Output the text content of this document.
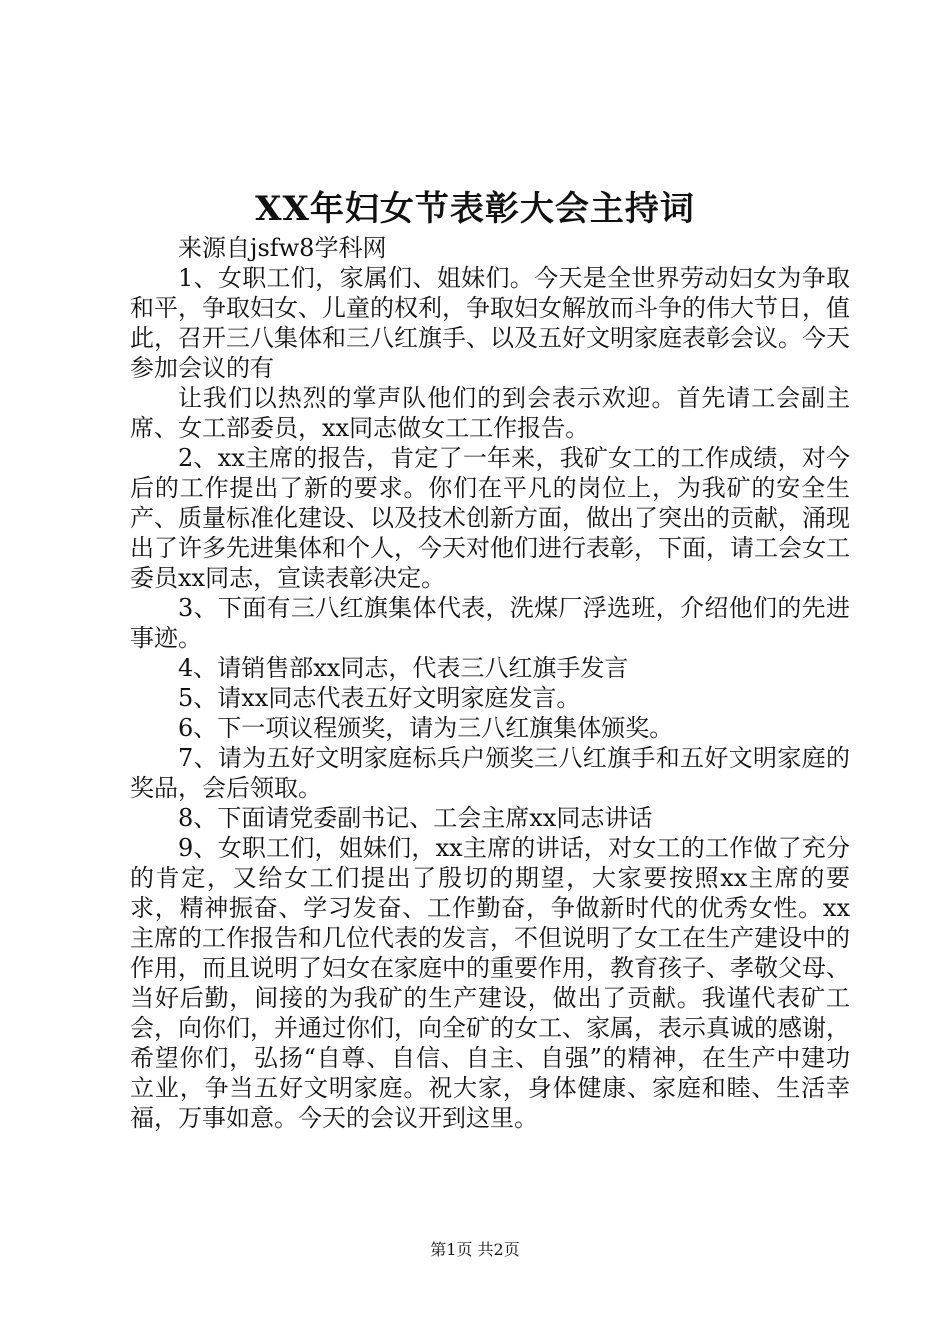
XX年妇女节表彰大会主持词

来源自jsfw8学科网

1、女职工们，家属们、姐妹们。今天是全世界劳动妇女为争取和平，争取妇女、儿童的权利，争取妇女解放而斗争的伟大节日，值此，召开三八集体和三八红旗手、以及五好文明家庭表彰会议。今天参加会议的有

让我们以热烈的掌声队他们的到会表示欢迎。首先请工会副主席、女工部委员，xx同志做女工工作报告。

2、xx主席的报告，肯定了一年来，我矿女工的工作成绩，对今后的工作提出了新的要求。你们在平凡的岗位上，为我矿的安全生产、质量标准化建设、以及技术创新方面，做出了突出的贡献，涌现出了许多先进集体和个人，今天对他们进行表彰，下面，请工会女工委员xx同志，宣读表彰决定。

3、下面有三八红旗集体代表，洗煤厂浮选班，介绍他们的先进事迹。

4、请销售部xx同志，代表三八红旗手发言

5、请xx同志代表五好文明家庭发言。

6、下一项议程颁奖，请为三八红旗集体颁奖。

7、请为五好文明家庭标兵户颁奖三八红旗手和五好文明家庭的奖品，会后领取。

8、下面请党委副书记、工会主席xx同志讲话

9、女职工们，姐妹们，xx主席的讲话，对女工的工作做了充分的肯定，又给女工们提出了殷切的期望，大家要按照xx主席的要求，精神振奋、学习发奋、工作勤奋，争做新时代的优秀女性。xx主席的工作报告和几位代表的发言，不但说明了女工在生产建设中的作用，而且说明了妇女在家庭中的重要作用，教育孩子、孝敬父母、当好后勤，间接的为我矿的生产建设，做出了贡献。我谨代表矿工会，向你们，并通过你们，向全矿的女工、家属，表示真诚的感谢，希望你们，弘扬“自尊、自信、自主、自强”的精神，在生产中建功立业，争当五好文明家庭。祝大家，身体健康、家庭和睦、生活幸福，万事如意。今天的会议开到这里。

第1页 共2页
